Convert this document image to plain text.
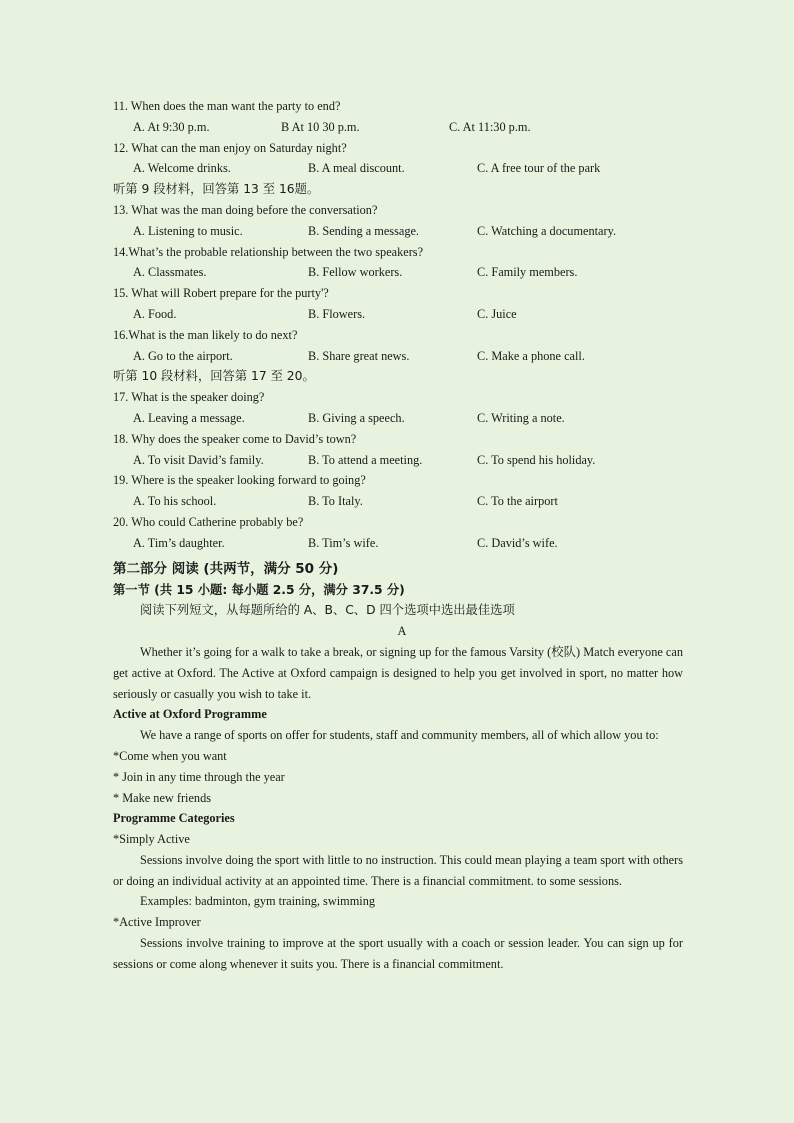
11. When does the man want the party to end?
A. At 9:30 p.m.	B At 10 30 p.m.	C. At 11:30 p.m.
12. What can the man enjoy on Saturday night?
A. Welcome drinks.	B. A meal discount.	C. A free tour of the park
听第 9 段材料，回答第 13 至 16题。
13. What was the man doing before the conversation?
A. Listening to music.	B. Sending a message.	C. Watching a documentary.
14.What’s the probable relationship between the two speakers?
A. Classmates.	B. Fellow workers.	C. Family members.
15. What will Robert prepare for the purty'?
A. Food.	B. Flowers.	C. Juice
16.What is the man likely to do next?
A. Go to the airport.	B. Share great news.	C. Make a phone call.
听第 10 段材料，回答第 17 至 20。
17. What is the speaker doing?
A. Leaving a message.	B. Giving a speech.	C. Writing a note.
18. Why does the speaker come to David’s town?
A. To visit David’s family.	B. To attend a meeting.	C. To spend his holiday.
19. Where is the speaker looking forward to going?
A. To his school.	B. To Italy.	C. To the airport
20. Who could Catherine probably be?
A. Tim’s daughter.	B. Tim’s wife.	C. David’s wife.
第二部分 阅读 (共两节，满分 50 分)
第一节 (共 15 小题: 每小题 2.5 分，满分 37.5 分)
阅读下列短文，从每题所给的 A、B、C、D 四个选项中选出最佳选项
A

Whether it’s going for a walk to take a break, or signing up for the famous Varsity (校队) Match everyone can get active at Oxford. The Active at Oxford campaign is designed to help you get involved in sport, no matter how seriously or casually you wish to take it.

Active at Oxford Programme

We have a range of sports on offer for students, staff and community members, all of which allow you to:

*Come when you want
* Join in any time through the year
* Make new friends
Programme Categories
*Simply Active

Sessions involve doing the sport with little to no instruction. This could mean playing a team sport with others or doing an individual activity at an appointed time. There is a financial commitment. to some sessions.

Examples: badminton, gym training, swimming
*Active Improver

Sessions involve training to improve at the sport usually with a coach or session leader. You can sign up for sessions or come along whenever it suits you. There is a financial commitment.
